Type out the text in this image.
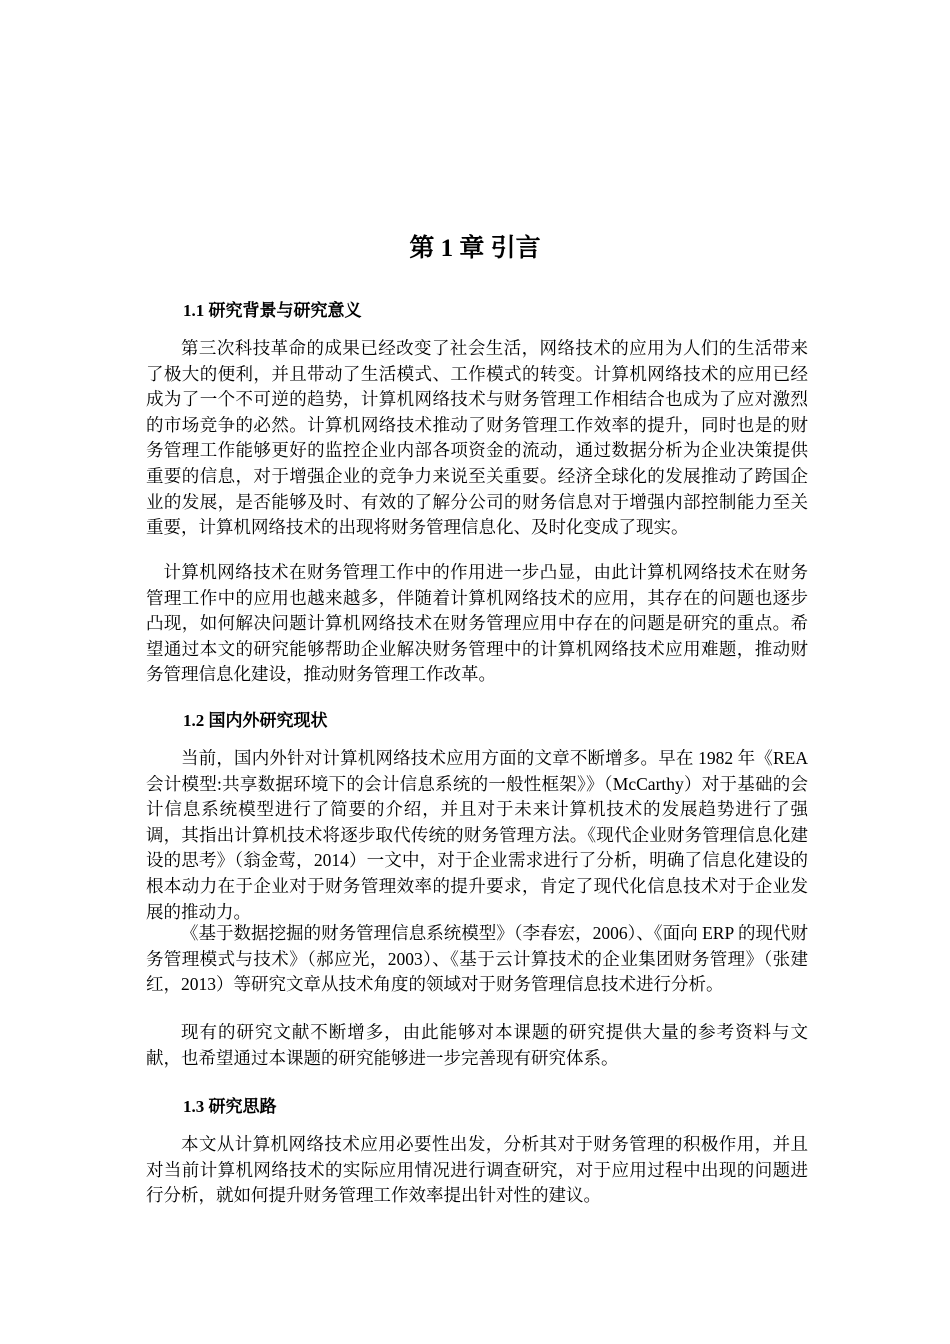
第 1 章 引言
1.1 研究背景与研究意义

第三次科技革命的成果已经改变了社会生活，网络技术的应用为人们的生活带来了极大的便利，并且带动了生活模式、工作模式的转变。计算机网络技术的应用已经成为了一个不可逆的趋势，计算机网络技术与财务管理工作相结合也成为了应对激烈的市场竞争的必然。计算机网络技术推动了财务管理工作效率的提升，同时也是的财务管理工作能够更好的监控企业内部各项资金的流动，通过数据分析为企业决策提供重要的信息，对于增强企业的竞争力来说至关重要。经济全球化的发展推动了跨国企业的发展，是否能够及时、有效的了解分公司的财务信息对于增强内部控制能力至关重要，计算机网络技术的出现将财务管理信息化、及时化变成了现实。

计算机网络技术在财务管理工作中的作用进一步凸显，由此计算机网络技术在财务管理工作中的应用也越来越多，伴随着计算机网络技术的应用，其存在的问题也逐步凸现，如何解决问题计算机网络技术在财务管理应用中存在的问题是研究的重点。希望通过本文的研究能够帮助企业解决财务管理中的计算机网络技术应用难题，推动财务管理信息化建设，推动财务管理工作改革。

1.2 国内外研究现状

当前，国内外针对计算机网络技术应用方面的文章不断增多。早在 1982 年《REA 会计模型:共享数据环境下的会计信息系统的一般性框架》》（McCarthy）对于基础的会计信息系统模型进行了简要的介绍，并且对于未来计算机技术的发展趋势进行了强调，其指出计算机技术将逐步取代传统的财务管理方法。《现代企业财务管理信息化建设的思考》（翁金莺，2014）一文中，对于企业需求进行了分析，明确了信息化建设的根本动力在于企业对于财务管理效率的提升要求，肯定了现代化信息技术对于企业发展的推动力。

《基于数据挖掘的财务管理信息系统模型》（李春宏，2006）、《面向 ERP 的现代财务管理模式与技术》（郝应光，2003）、《基于云计算技术的企业集团财务管理》（张建红，2013）等研究文章从技术角度的领域对于财务管理信息技术进行分析。

现有的研究文献不断增多，由此能够对本课题的研究提供大量的参考资料与文献，也希望通过本课题的研究能够进一步完善现有研究体系。

1.3 研究思路

本文从计算机网络技术应用必要性出发，分析其对于财务管理的积极作用，并且对当前计算机网络技术的实际应用情况进行调查研究，对于应用过程中出现的问题进行分析，就如何提升财务管理工作效率提出针对性的建议。
